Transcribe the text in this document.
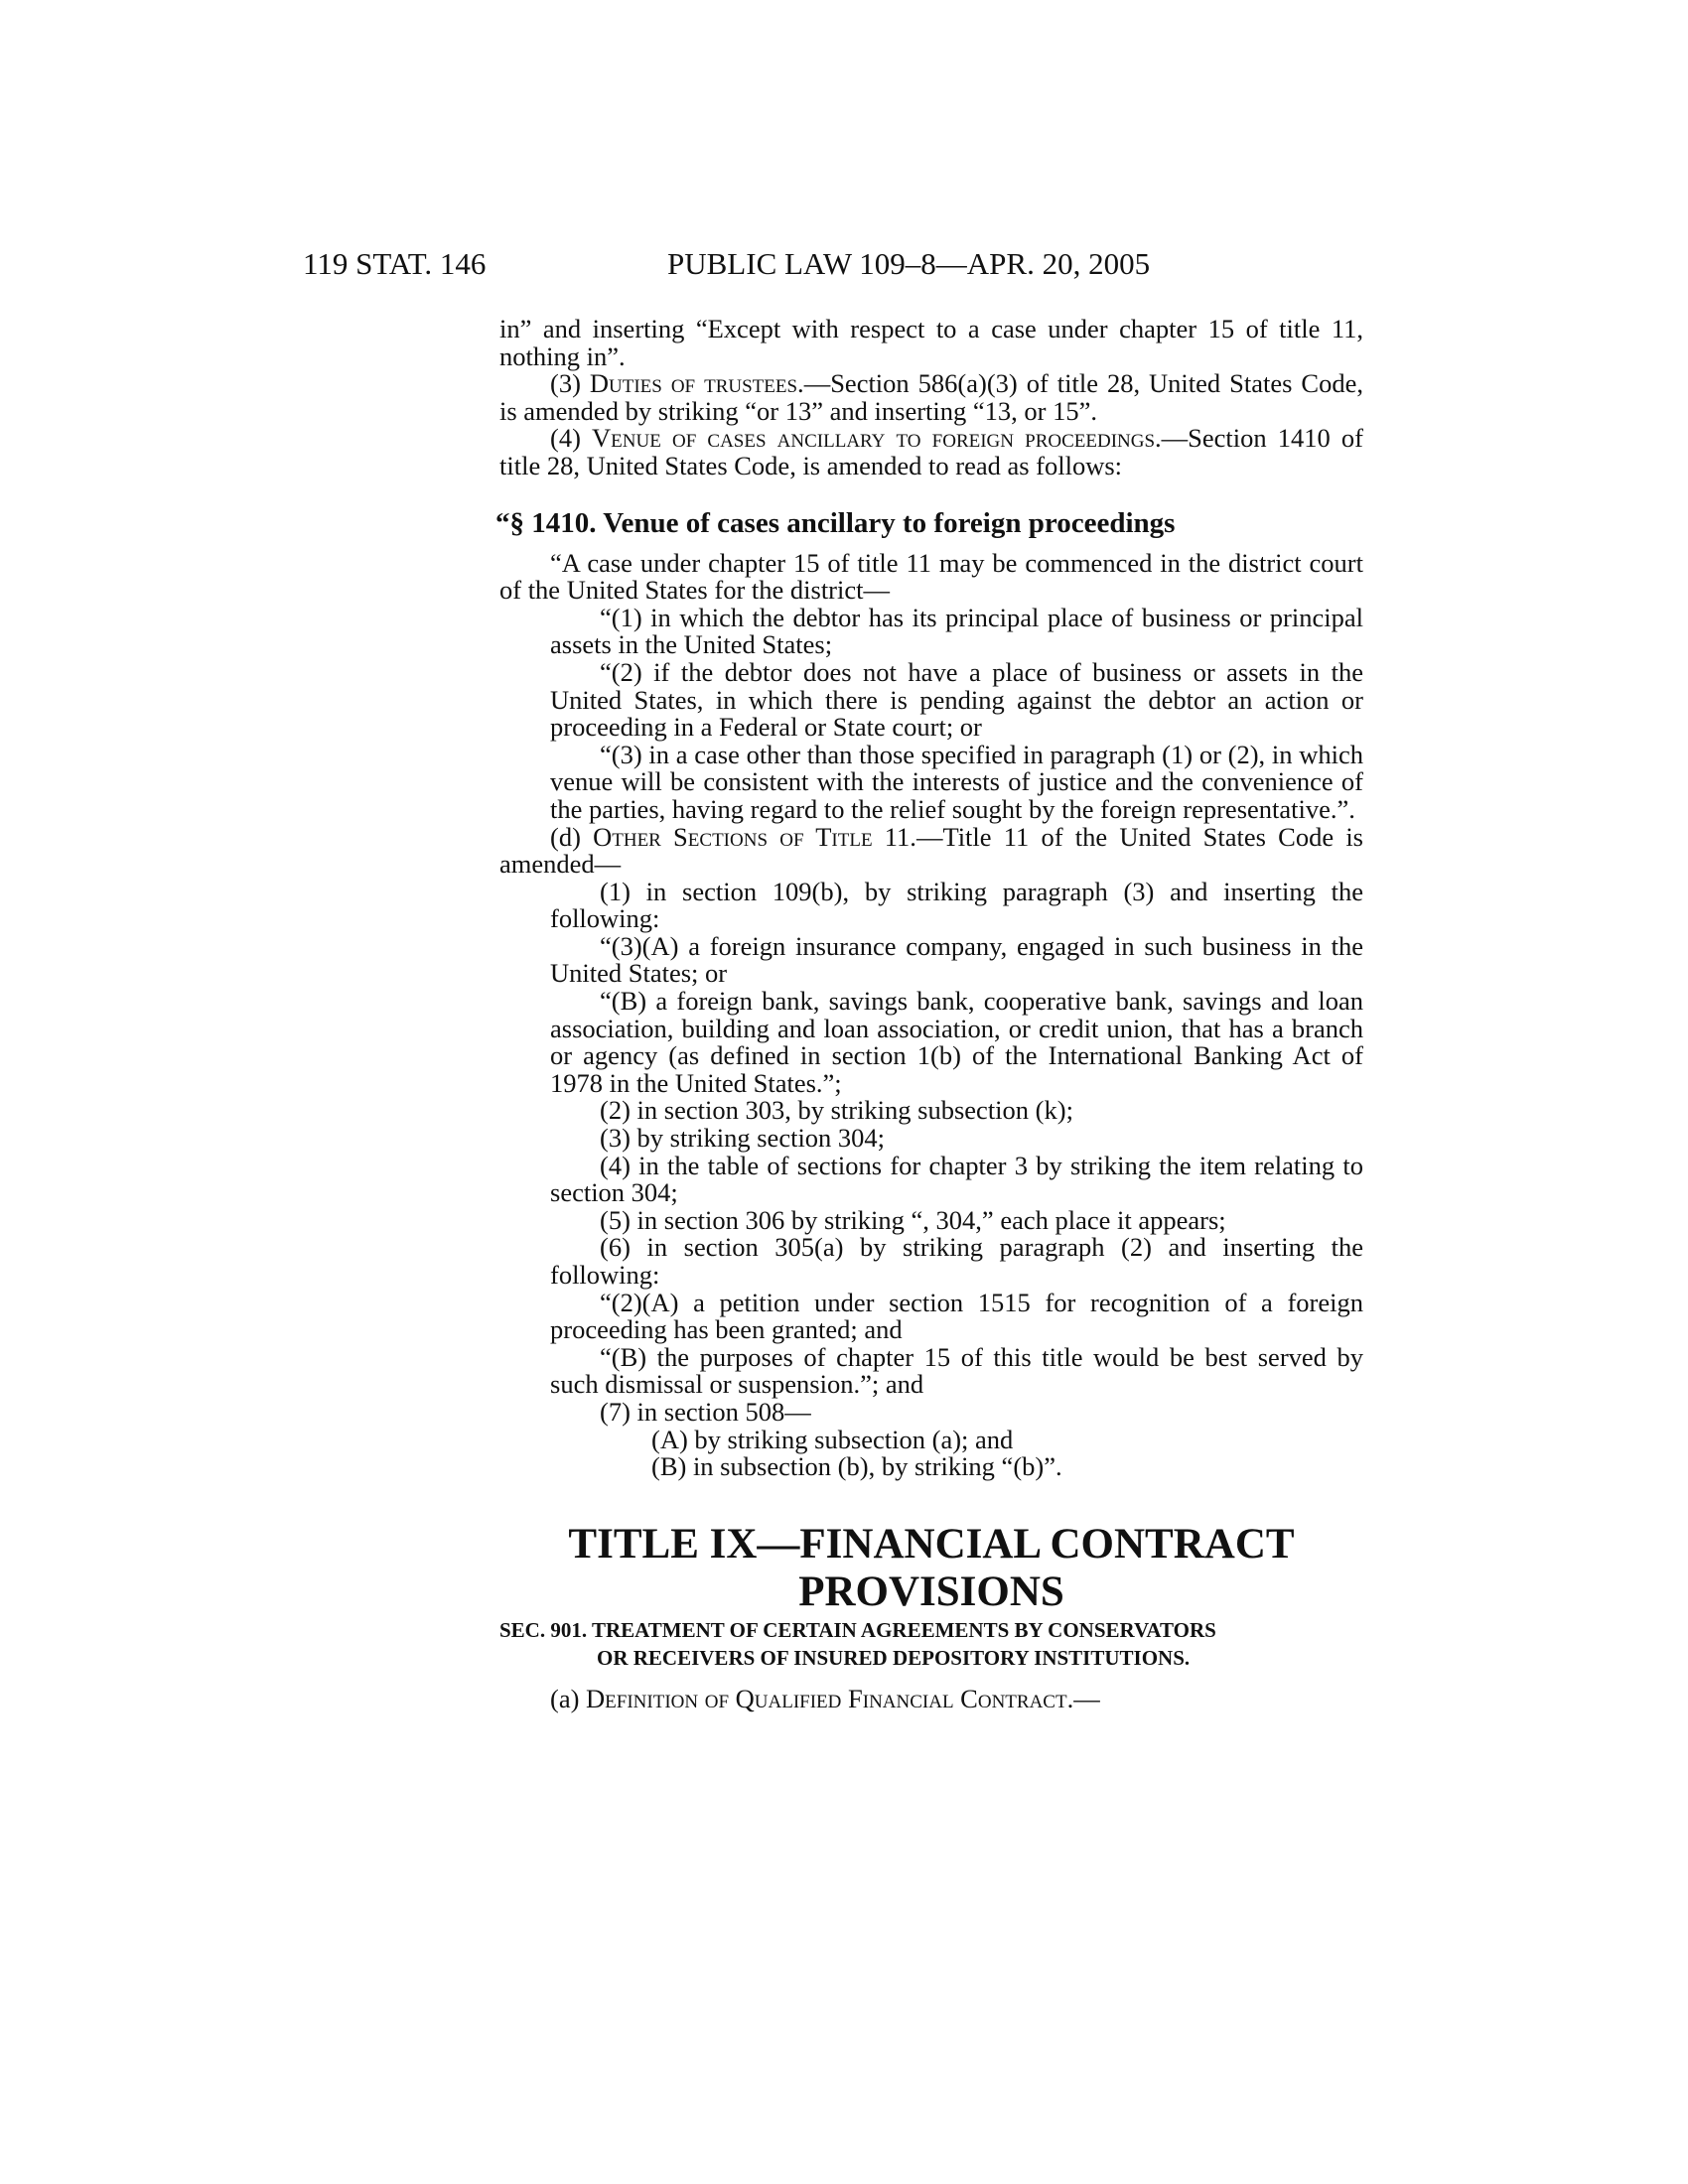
119 STAT. 146	PUBLIC LAW 109–8—APR. 20, 2005

in” and inserting “Except with respect to a case under chapter 15 of title 11, nothing in”.

(3) Duties of trustees.—Section 586(a)(3) of title 28, United States Code, is amended by striking “or 13” and inserting “13, or 15”.

(4) Venue of cases ancillary to foreign proceedings.—Section 1410 of title 28, United States Code, is amended to read as follows:

“§ 1410. Venue of cases ancillary to foreign proceedings

“A case under chapter 15 of title 11 may be commenced in the district court of the United States for the district—

“(1) in which the debtor has its principal place of business or principal assets in the United States;

“(2) if the debtor does not have a place of business or assets in the United States, in which there is pending against the debtor an action or proceeding in a Federal or State court; or

“(3) in a case other than those specified in paragraph (1) or (2), in which venue will be consistent with the interests of justice and the convenience of the parties, having regard to the relief sought by the foreign representative.”.

(d) Other Sections of Title 11.—Title 11 of the United States Code is amended—

(1) in section 109(b), by striking paragraph (3) and inserting the following:

“(3)(A) a foreign insurance company, engaged in such business in the United States; or

“(B) a foreign bank, savings bank, cooperative bank, savings and loan association, building and loan association, or credit union, that has a branch or agency (as defined in section 1(b) of the International Banking Act of 1978 in the United States.”;

(2) in section 303, by striking subsection (k);

(3) by striking section 304;

(4) in the table of sections for chapter 3 by striking the item relating to section 304;

(5) in section 306 by striking “, 304,” each place it appears;

(6) in section 305(a) by striking paragraph (2) and inserting the following:

“(2)(A) a petition under section 1515 for recognition of a foreign proceeding has been granted; and

“(B) the purposes of chapter 15 of this title would be best served by such dismissal or suspension.”; and

(7) in section 508—

(A) by striking subsection (a); and

(B) in subsection (b), by striking “(b)”.

TITLE IX—FINANCIAL CONTRACT
PROVISIONS

SEC. 901. TREATMENT OF CERTAIN AGREEMENTS BY CONSERVATORS
OR RECEIVERS OF INSURED DEPOSITORY INSTITUTIONS.

(a) Definition of Qualified Financial Contract.—
